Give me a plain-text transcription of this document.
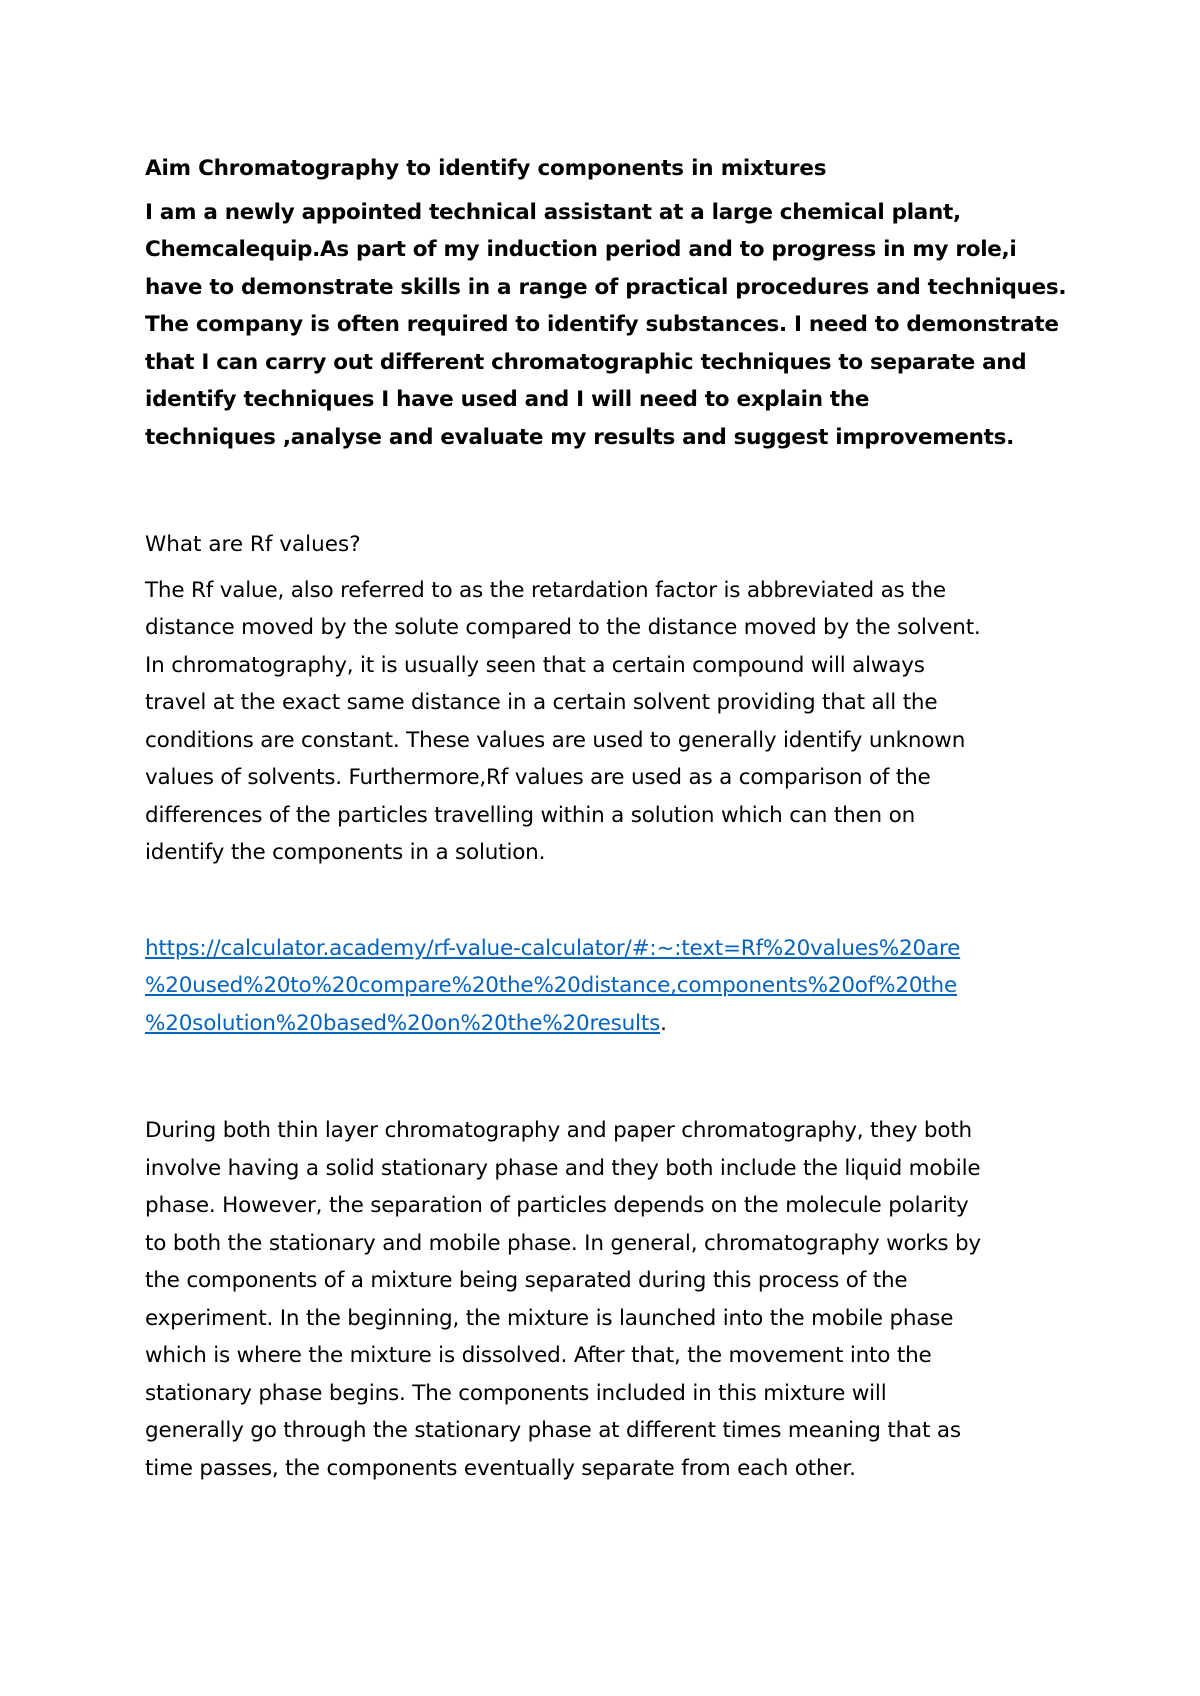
Aim Chromatography to identify components in mixtures
I am a newly appointed technical assistant at a large chemical plant,
Chemcalequip.As part of my induction period and to progress in my role,i
have to demonstrate skills in a range of practical procedures and techniques.
The company is often required to identify substances. I need to demonstrate
that I can carry out different chromatographic techniques to separate and
identify techniques I have used and I will need to explain the
techniques ,analyse and evaluate my results and suggest improvements.
What are Rf values?
The Rf value, also referred to as the retardation factor is abbreviated as the
distance moved by the solute compared to the distance moved by the solvent.
In chromatography, it is usually seen that a certain compound will always
travel at the exact same distance in a certain solvent providing that all the
conditions are constant. These values are used to generally identify unknown
values of solvents. Furthermore,Rf values are used as a comparison of the
differences of the particles travelling within a solution which can then on
identify the components in a solution.
https://calculator.academy/rf-value-calculator/#:~:text=Rf%20values%20are
%20used%20to%20compare%20the%20distance,components%20of%20the
%20solution%20based%20on%20the%20results.
During both thin layer chromatography and paper chromatography, they both
involve having a solid stationary phase and they both include the liquid mobile
phase. However, the separation of particles depends on the molecule polarity
to both the stationary and mobile phase. In general, chromatography works by
the components of a mixture being separated during this process of the
experiment. In the beginning, the mixture is launched into the mobile phase
which is where the mixture is dissolved. After that, the movement into the
stationary phase begins. The components included in this mixture will
generally go through the stationary phase at different times meaning that as
time passes, the components eventually separate from each other.
